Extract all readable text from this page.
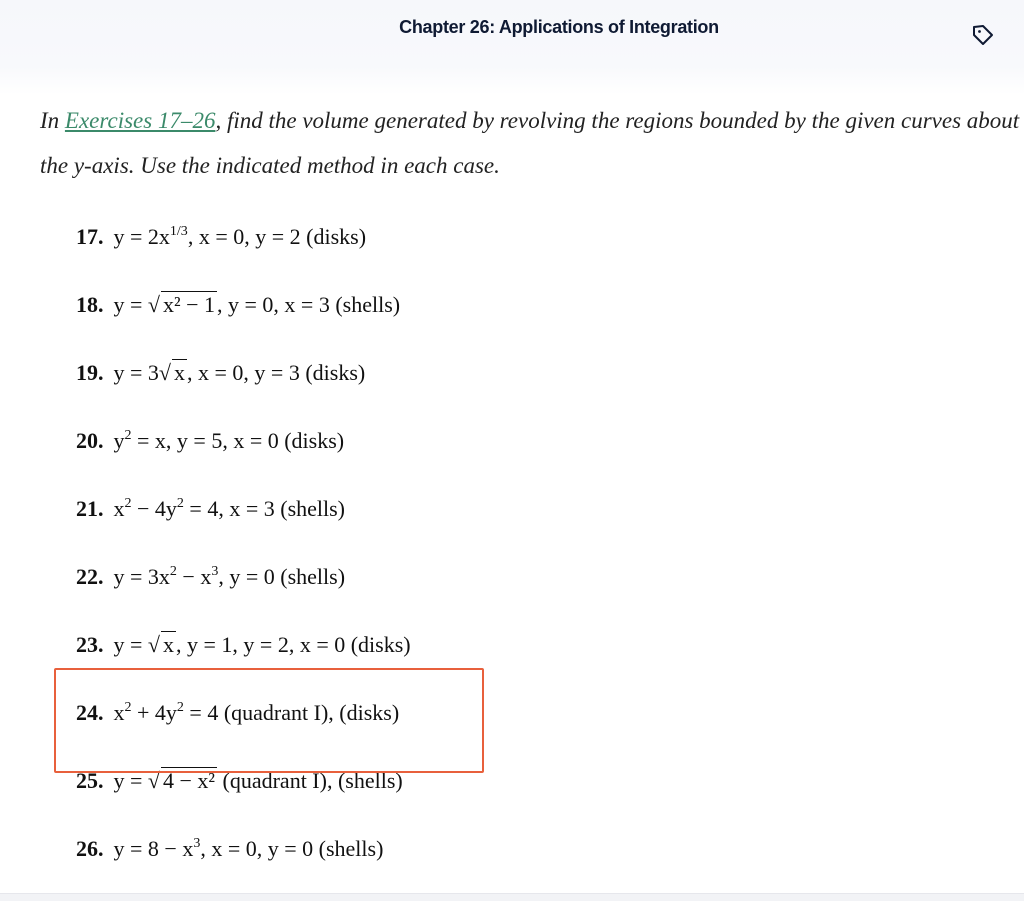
Chapter 26: Applications of Integration
In Exercises 17–26, find the volume generated by revolving the regions bounded by the given curves about the y-axis. Use the indicated method in each case.
17. $y = 2x^{1/3}$, x = 0, y = 2 (disks)
18. y = √ x² − 1, y = 0, x = 3 (shells)
19. y = 3√ x, x = 0, y = 3 (disks)
20. $y^2 = x$, y = 5, x = 0 (disks)
21. $x^2 - 4y^2 = 4$, x = 3 (shells)
22. $y = 3x^2 - x^3$, y = 0 (shells)
23. y = √ x, y = 1, y = 2, x = 0 (disks)
24. $x^2 + 4y^2 = 4$ (quadrant I), (disks)
25. y = √ 4 − x² (quadrant I), (shells)
26. $y = 8 - x^3$, x = 0, y = 0 (shells)
